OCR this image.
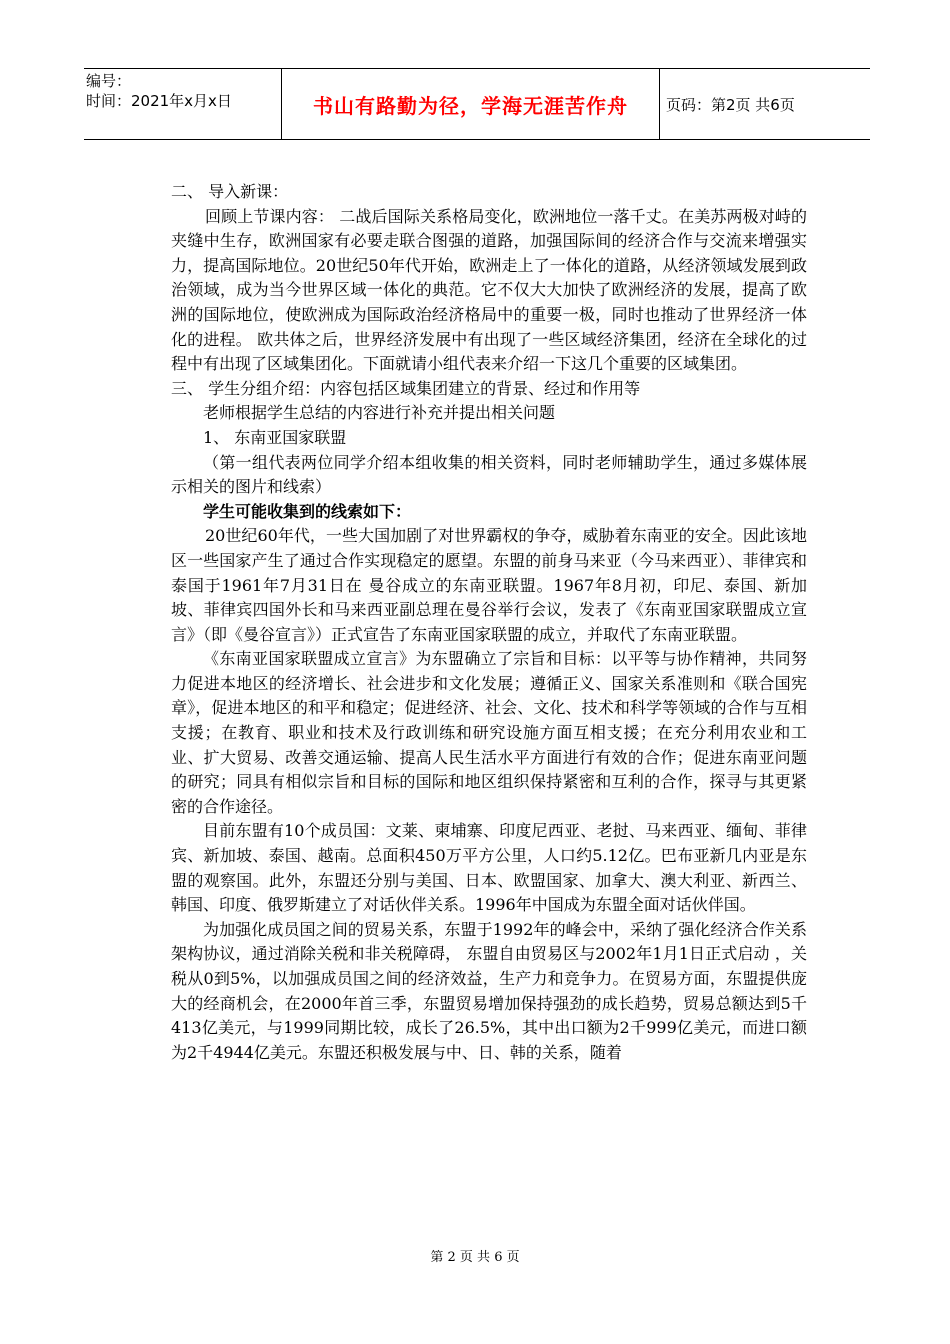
编号：
时间：2021年x月x日	书山有路勤为径，学海无涯苦作舟	页码：第2页 共6页

二、 导入新课：

回顾上节课内容： 二战后国际关系格局变化，欧洲地位一落千丈。在美苏两极对峙的夹缝中生存，欧洲国家有必要走联合图强的道路，加强国际间的经济合作与交流来增强实力，提高国际地位。20世纪50年代开始，欧洲走上了一体化的道路，从经济领域发展到政治领域，成为当今世界区域一体化的典范。它不仅大大加快了欧洲经济的发展，提高了欧洲的国际地位，使欧洲成为国际政治经济格局中的重要一极，同时也推动了世界经济一体化的进程。 欧共体之后，世界经济发展中有出现了一些区域经济集团，经济在全球化的过程中有出现了区域集团化。下面就请小组代表来介绍一下这几个重要的区域集团。

三、 学生分组介绍：内容包括区域集团建立的背景、经过和作用等

老师根据学生总结的内容进行补充并提出相关问题

1、 东南亚国家联盟

（第一组代表两位同学介绍本组收集的相关资料，同时老师辅助学生，通过多媒体展示相关的图片和线索）

学生可能收集到的线索如下：

20世纪60年代，一些大国加剧了对世界霸权的争夺，威胁着东南亚的安全。因此该地区一些国家产生了通过合作实现稳定的愿望。东盟的前身马来亚（今马来西亚）、菲律宾和泰国于1961年7月31日在 曼谷成立的东南亚联盟。1967年8月初，印尼、泰国、新加坡、菲律宾四国外长和马来西亚副总理在曼谷举行会议，发表了《东南亚国家联盟成立宣言》（即《曼谷宣言》）正式宣告了东南亚国家联盟的成立，并取代了东南亚联盟。

《东南亚国家联盟成立宣言》为东盟确立了宗旨和目标：以平等与协作精神，共同努力促进本地区的经济增长、社会进步和文化发展；遵循正义、国家关系准则和《联合国宪章》，促进本地区的和平和稳定；促进经济、社会、文化、技术和科学等领域的合作与互相支援；在教育、职业和技术及行政训练和研究设施方面互相支援；在充分利用农业和工业、扩大贸易、改善交通运输、提高人民生活水平方面进行有效的合作；促进东南亚问题的研究；同具有相似宗旨和目标的国际和地区组织保持紧密和互利的合作，探寻与其更紧密的合作途径。

目前东盟有10个成员国：文莱、柬埔寨、印度尼西亚、老挝、马来西亚、缅甸、菲律宾、新加坡、泰国、越南。总面积450万平方公里，人口约5.12亿。巴布亚新几内亚是东盟的观察国。此外，东盟还分别与美国、日本、欧盟国家、加拿大、澳大利亚、新西兰、韩国、印度、俄罗斯建立了对话伙伴关系。1996年中国成为东盟全面对话伙伴国。

为加强化成员国之间的贸易关系，东盟于1992年的峰会中，采纳了强化经济合作关系架构协议，通过消除关税和非关税障碍， 东盟自由贸易区与2002年1月1日正式启动 ，关税从0到5%，以加强成员国之间的经济效益，生产力和竞争力。在贸易方面，东盟提供庞大的经商机会，在2000年首三季，东盟贸易增加保持强劲的成长趋势，贸易总额达到5千413亿美元，与1999同期比较，成长了26.5%，其中出口额为2千999亿美元，而进口额为2千4944亿美元。东盟还积极发展与中、日、韩的关系，随着

第 2 页 共 6 页
